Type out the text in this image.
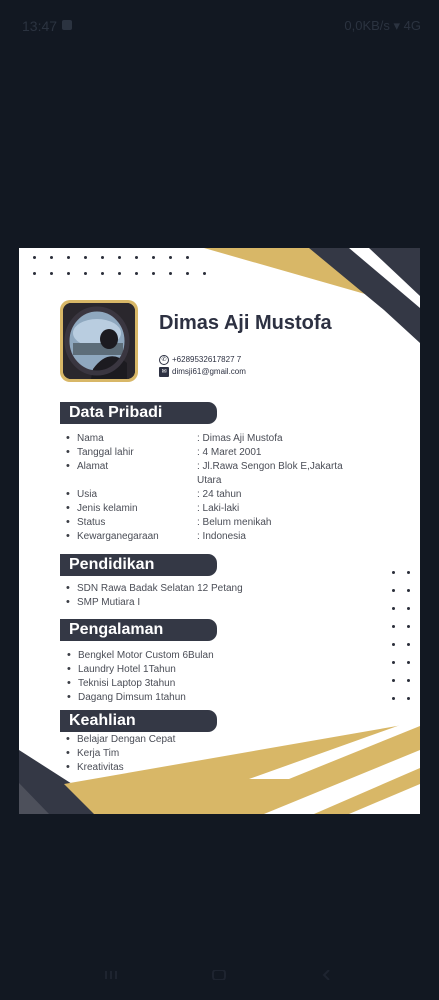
13:47	0,0KB/s ▾ 4G
Dimas Aji Mustofa
✆ +6289532617827 7
✉ dimsji61@gmail.com
Data Pribadi
• Nama	: Dimas Aji Mustofa
• Tanggal lahir	: 4 Maret 2001
• Alamat	: Jl.Rawa Sengon Blok E,Jakarta
Utara
• Usia	: 24 tahun
• Jenis kelamin	: Laki-laki
• Status	: Belum menikah
• Kewarganegaraan	: Indonesia
Pendidikan
• SDN Rawa Badak Selatan 12 Petang
• SMP Mutiara I
Pengalaman
• Bengkel Motor Custom 6Bulan
• Laundry Hotel 1Tahun
• Teknisi Laptop 3tahun
• Dagang Dimsum 1tahun
Keahlian
• Belajar Dengan Cepat
• Kerja Tim
• Kreativitas
